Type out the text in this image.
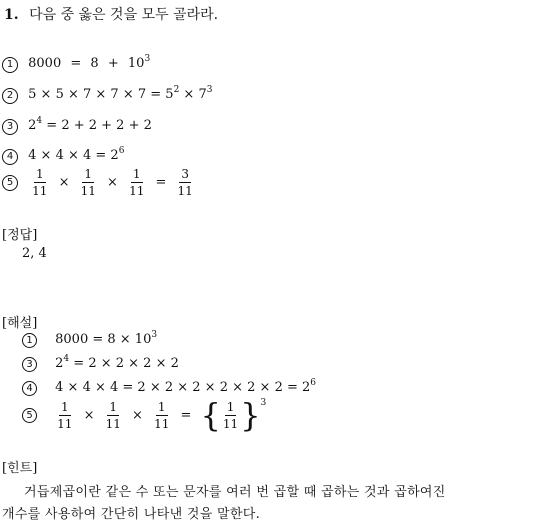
1. 다음 중 옳은 것을 모두 골라라.
1 $8000 = 8 + 10^3$
2 $5 \times 5 \times 7 \times 7 \times 7 = 5^2 \times 7^3$
3 $2^4 = 2 + 2 + 2 + 2$
4 $4 \times 4 \times 4 = 2^6$
$5 \frac{1}{11} \times \frac{1}{11} \times \frac{1}{11} = \frac{3}{11}$
[정답]
2, 4
[해설]
1 $8000 = 8 \times 10^3$
3 $2^4 = 2 \times 2 \times 2 \times 2$
4 $4 \times 4 \times 4 = 2 \times 2 \times 2 \times 2 \times 2 \times 2 = 2^6$
$5 \frac{1}{11} \times \frac{1}{11} \times \frac{1}{11}$ = { $\frac{1}{11} \}^3$
[힌트]
거듭제곱이란 같은 수 또는 문자를 여러 번 곱할 때 곱하는 것과 곱하여진
개수를 사용하여 간단히 나타낸 것을 말한다.
